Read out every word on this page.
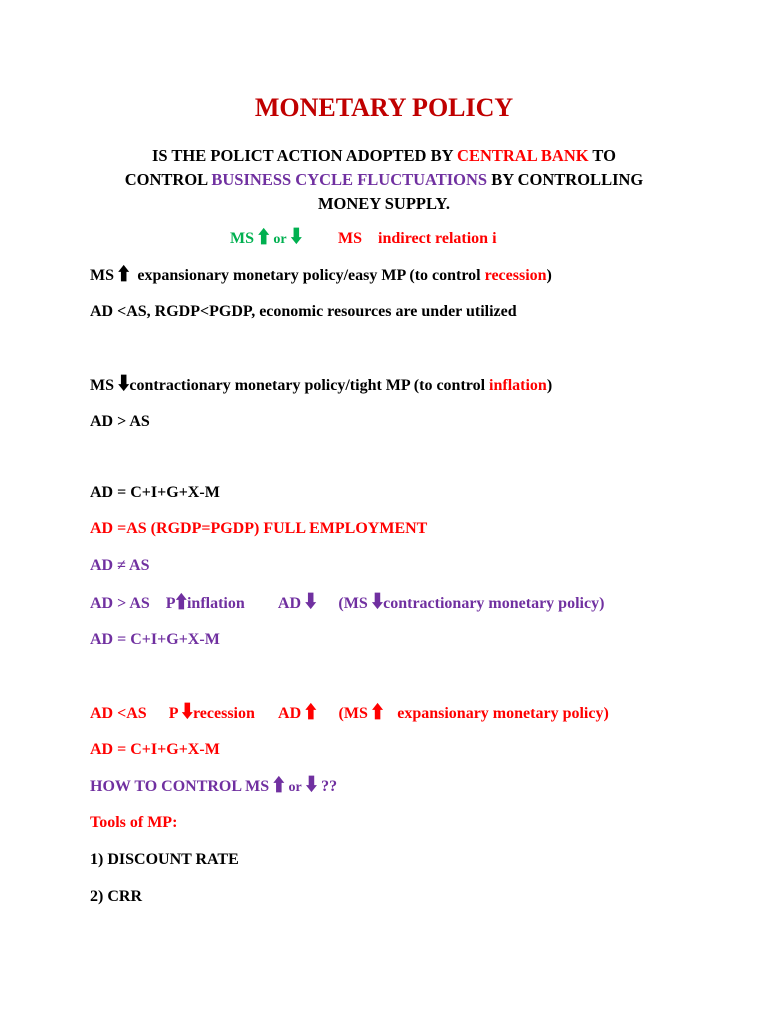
MONETARY POLICY
IS THE POLICT ACTION ADOPTED BY CENTRAL BANK TO
CONTROL BUSINESS CYCLE FLUCTUATIONS BY CONTROLLING
MONEY SUPPLY.
MS 🠱 or 🠳 MS indirect relation i
MS 🠱 expansionary monetary policy/easy MP (to control recession)
AD <AS, RGDP<PGDP, economic resources are under utilized
MS 🠳contractionary monetary policy/tight MP (to control inflation)
AD > AS
AD = C+I+G+X-M
AD =AS (RGDP=PGDP) FULL EMPLOYMENT
AD ≠ AS
AD > AS P🠱inflation AD 🠳 (MS 🠳contractionary monetary policy)
AD = C+I+G+X-M
AD <AS P 🠳recession AD 🠱 (MS 🠱 expansionary monetary policy)
AD = C+I+G+X-M
HOW TO CONTROL MS 🠱 or 🠳 ??
Tools of MP:
1) DISCOUNT RATE
2) CRR
